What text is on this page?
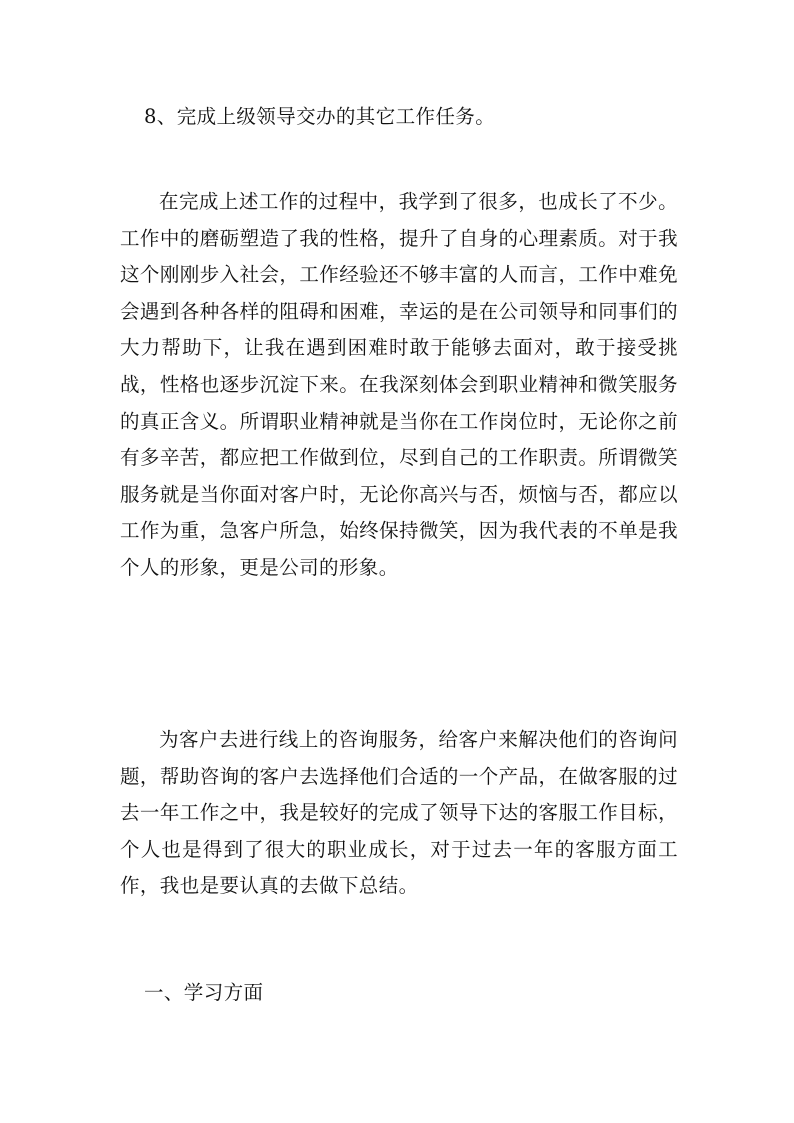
8、完成上级领导交办的其它工作任务。

在完成上述工作的过程中，我学到了很多，也成长了不少。工作中的磨砺塑造了我的性格，提升了自身的心理素质。对于我这个刚刚步入社会，工作经验还不够丰富的人而言，工作中难免会遇到各种各样的阻碍和困难，幸运的是在公司领导和同事们的大力帮助下，让我在遇到困难时敢于能够去面对，敢于接受挑战，性格也逐步沉淀下来。在我深刻体会到职业精神和微笑服务的真正含义。所谓职业精神就是当你在工作岗位时，无论你之前有多辛苦，都应把工作做到位，尽到自己的工作职责。所谓微笑服务就是当你面对客户时，无论你高兴与否，烦恼与否，都应以工作为重，急客户所急，始终保持微笑，因为我代表的不单是我个人的形象，更是公司的形象。

为客户去进行线上的咨询服务，给客户来解决他们的咨询问题，帮助咨询的客户去选择他们合适的一个产品，在做客服的过去一年工作之中，我是较好的完成了领导下达的客服工作目标，个人也是得到了很大的职业成长，对于过去一年的客服方面工作，我也是要认真的去做下总结。

一、学习方面
